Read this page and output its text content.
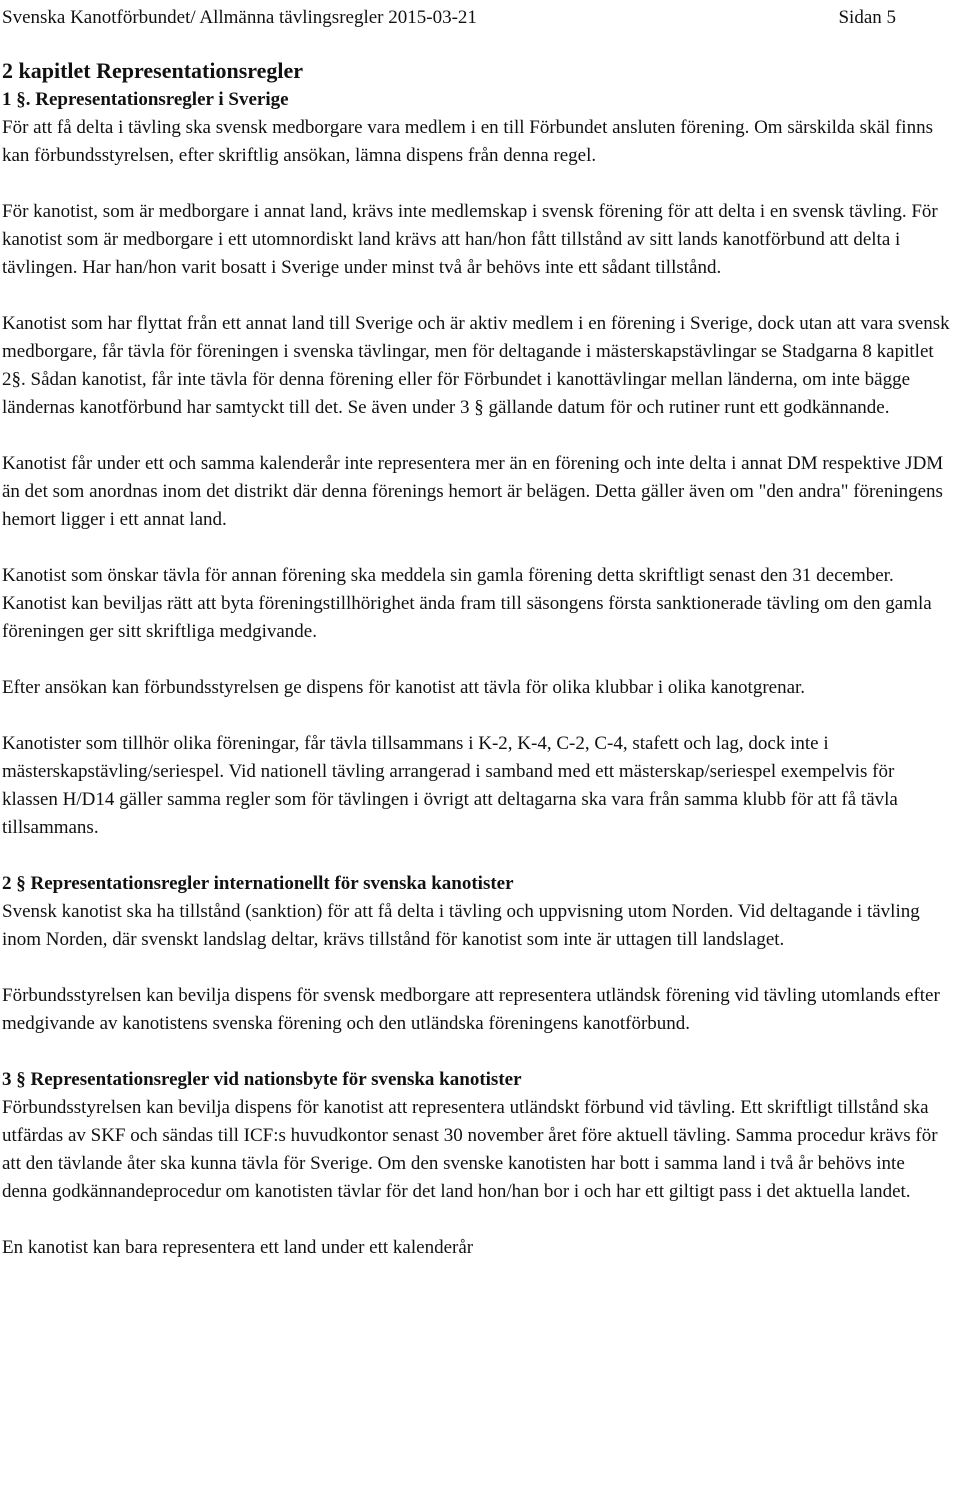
Svenska Kanotförbundet/ Allmänna tävlingsregler 2015-03-21	Sidan 5
2 kapitlet Representationsregler
1 §. Representationsregler i Sverige

För att få delta i tävling ska svensk medborgare vara medlem i en till Förbundet ansluten förening. Om särskilda skäl finns kan förbundsstyrelsen, efter skriftlig ansökan, lämna dispens från denna regel.

För kanotist, som är medborgare i annat land, krävs inte medlemskap i svensk förening för att delta i en svensk tävling. För kanotist som är medborgare i ett utomnordiskt land krävs att han/hon fått tillstånd av sitt lands kanotförbund att delta i tävlingen. Har han/hon varit bosatt i Sverige under minst två år behövs inte ett sådant tillstånd.

Kanotist som har flyttat från ett annat land till Sverige och är aktiv medlem i en förening i Sverige, dock utan att vara svensk medborgare, får tävla för föreningen i svenska tävlingar, men för deltagande i mästerskapstävlingar se Stadgarna 8 kapitlet 2§. Sådan kanotist, får inte tävla för denna förening eller för Förbundet i kanottävlingar mellan länderna, om inte bägge ländernas kanotförbund har samtyckt till det. Se även under 3 § gällande datum för och rutiner runt ett godkännande.

Kanotist får under ett och samma kalenderår inte representera mer än en förening och inte delta i annat DM respektive JDM än det som anordnas inom det distrikt där denna förenings hemort är belägen. Detta gäller även om "den andra" föreningens hemort ligger i ett annat land.

Kanotist som önskar tävla för annan förening ska meddela sin gamla förening detta skriftligt senast den 31 december. Kanotist kan beviljas rätt att byta föreningstillhörighet ända fram till säsongens första sanktionerade tävling om den gamla föreningen ger sitt skriftliga medgivande.

Efter ansökan kan förbundsstyrelsen ge dispens för kanotist att tävla för olika klubbar i olika kanotgrenar.

Kanotister som tillhör olika föreningar, får tävla tillsammans i K-2, K-4, C-2, C-4, stafett och lag, dock inte i mästerskapstävling/seriespel. Vid nationell tävling arrangerad i samband med ett mästerskap/seriespel exempelvis för klassen H/D14 gäller samma regler som för tävlingen i övrigt att deltagarna ska vara från samma klubb för att få tävla tillsammans.

2 § Representationsregler internationellt för svenska kanotister

Svensk kanotist ska ha tillstånd (sanktion) för att få delta i tävling och uppvisning utom Norden. Vid deltagande i tävling inom Norden, där svenskt landslag deltar, krävs tillstånd för kanotist som inte är uttagen till landslaget.

Förbundsstyrelsen kan bevilja dispens för svensk medborgare att representera utländsk förening vid tävling utomlands efter medgivande av kanotistens svenska förening och den utländska föreningens kanotförbund.

3 § Representationsregler vid nationsbyte för svenska kanotister

Förbundsstyrelsen kan bevilja dispens för kanotist att representera utländskt förbund vid tävling. Ett skriftligt tillstånd ska utfärdas av SKF och sändas till ICF:s huvudkontor senast 30 november året före aktuell tävling. Samma procedur krävs för att den tävlande åter ska kunna tävla för Sverige. Om den svenske kanotisten har bott i samma land i två år behövs inte denna godkännandeprocedur om kanotisten tävlar för det land hon/han bor i och har ett giltigt pass i det aktuella landet.

En kanotist kan bara representera ett land under ett kalenderår
